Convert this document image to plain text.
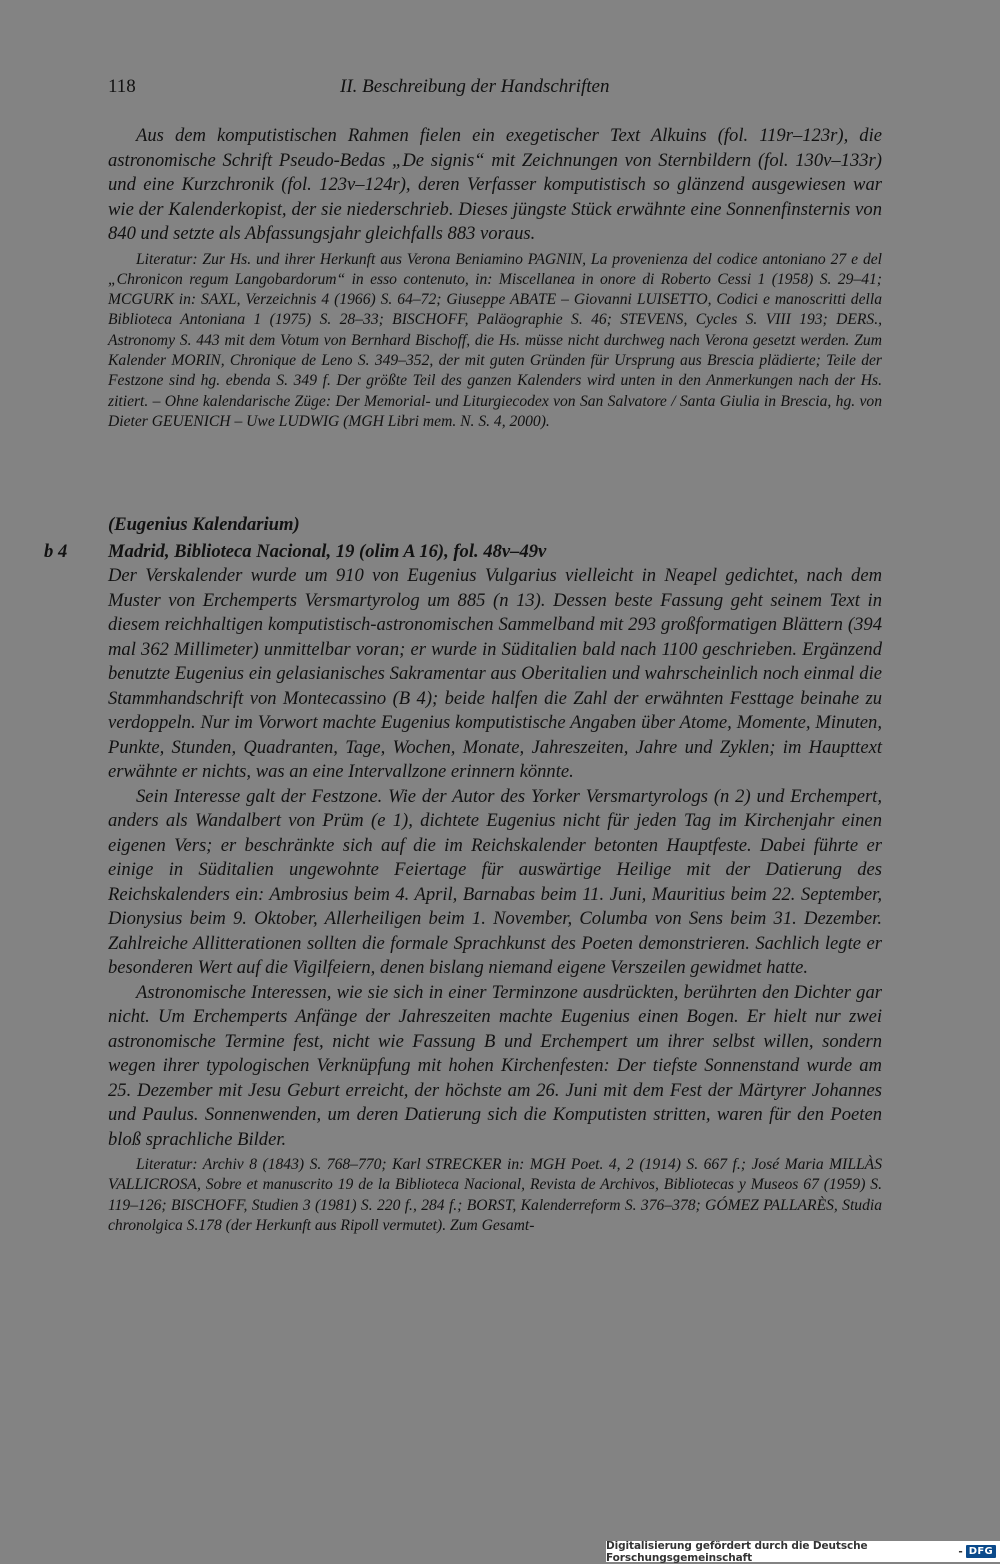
118	II. Beschreibung der Handschriften

Aus dem komputistischen Rahmen fielen ein exegetischer Text Alkuins (fol. 119r–123r), die astronomische Schrift Pseudo-Bedas „De signis“ mit Zeichnungen von Sternbildern (fol. 130v–133r) und eine Kurzchronik (fol. 123v–124r), deren Verfasser komputistisch so glänzend ausgewiesen war wie der Kalenderkopist, der sie niederschrieb. Dieses jüngste Stück erwähnte eine Sonnenfinsternis von 840 und setzte als Abfassungsjahr gleichfalls 883 voraus.

Literatur: Zur Hs. und ihrer Herkunft aus Verona Beniamino PAGNIN, La provenienza del codice antoniano 27 e del „Chronicon regum Langobardorum“ in esso contenuto, in: Miscellanea in onore di Roberto Cessi 1 (1958) S. 29–41; MCGURK in: SAXL, Verzeichnis 4 (1966) S. 64–72; Giuseppe ABATE – Giovanni LUISETTO, Codici e manoscritti della Biblioteca Antoniana 1 (1975) S. 28–33; BISCHOFF, Paläographie S. 46; STEVENS, Cycles S. VIII 193; DERS., Astronomy S. 443 mit dem Votum von Bernhard Bischoff, die Hs. müsse nicht durchweg nach Verona gesetzt werden. Zum Kalender MORIN, Chronique de Leno S. 349–352, der mit guten Gründen für Ursprung aus Brescia plädierte; Teile der Festzone sind hg. ebenda S. 349 f. Der größte Teil des ganzen Kalenders wird unten in den Anmerkungen nach der Hs. zitiert. – Ohne kalendarische Züge: Der Memorial- und Liturgiecodex von San Salvatore / Santa Giulia in Brescia, hg. von Dieter GEUENICH – Uwe LUDWIG (MGH Libri mem. N. S. 4, 2000).

(Eugenius Kalendarium)
b 4 Madrid, Biblioteca Nacional, 19 (olim A 16), fol. 48v–49v

Der Verskalender wurde um 910 von Eugenius Vulgarius vielleicht in Neapel gedichtet, nach dem Muster von Erchemperts Versmartyrolog um 885 (n 13). Dessen beste Fassung geht seinem Text in diesem reichhaltigen komputistisch-astronomischen Sammelband mit 293 großformatigen Blättern (394 mal 362 Millimeter) unmittelbar voran; er wurde in Süditalien bald nach 1100 geschrieben. Ergänzend benutzte Eugenius ein gelasianisches Sakramentar aus Oberitalien und wahrscheinlich noch einmal die Stammhandschrift von Montecassino (B 4); beide halfen die Zahl der erwähnten Festtage beinahe zu verdoppeln. Nur im Vorwort machte Eugenius komputistische Angaben über Atome, Momente, Minuten, Punkte, Stunden, Quadranten, Tage, Wochen, Monate, Jahreszeiten, Jahre und Zyklen; im Haupttext erwähnte er nichts, was an eine Intervallzone erinnern könnte.

Sein Interesse galt der Festzone. Wie der Autor des Yorker Versmartyrologs (n 2) und Erchempert, anders als Wandalbert von Prüm (e 1), dichtete Eugenius nicht für jeden Tag im Kirchenjahr einen eigenen Vers; er beschränkte sich auf die im Reichskalender betonten Hauptfeste. Dabei führte er einige in Süditalien ungewohnte Feiertage für auswärtige Heilige mit der Datierung des Reichskalenders ein: Ambrosius beim 4. April, Barnabas beim 11. Juni, Mauritius beim 22. September, Dionysius beim 9. Oktober, Allerheiligen beim 1. November, Columba von Sens beim 31. Dezember. Zahlreiche Allitterationen sollten die formale Sprachkunst des Poeten demonstrieren. Sachlich legte er besonderen Wert auf die Vigilfeiern, denen bislang niemand eigene Verszeilen gewidmet hatte.

Astronomische Interessen, wie sie sich in einer Terminzone ausdrückten, berührten den Dichter gar nicht. Um Erchemperts Anfänge der Jahreszeiten machte Eugenius einen Bogen. Er hielt nur zwei astronomische Termine fest, nicht wie Fassung B und Erchempert um ihrer selbst willen, sondern wegen ihrer typologischen Verknüpfung mit hohen Kirchenfesten: Der tiefste Sonnenstand wurde am 25. Dezember mit Jesu Geburt erreicht, der höchste am 26. Juni mit dem Fest der Märtyrer Johannes und Paulus. Sonnenwenden, um deren Datierung sich die Komputisten stritten, waren für den Poeten bloß sprachliche Bilder.

Literatur: Archiv 8 (1843) S. 768–770; Karl STRECKER in: MGH Poet. 4, 2 (1914) S. 667 f.; José Maria MILLÀS VALLICROSA, Sobre et manuscrito 19 de la Biblioteca Nacional, Revista de Archivos, Bibliotecas y Museos 67 (1959) S. 119–126; BISCHOFF, Studien 3 (1981) S. 220 f., 284 f.; BORST, Kalenderreform S. 376–378; GÓMEZ PALLARÈS, Studia chronolgica S.178 (der Herkunft aus Ripoll vermutet). Zum Gesamt-

Digitalisierung gefördert durch die Deutsche Forschungsgemeinschaft	- DFG
